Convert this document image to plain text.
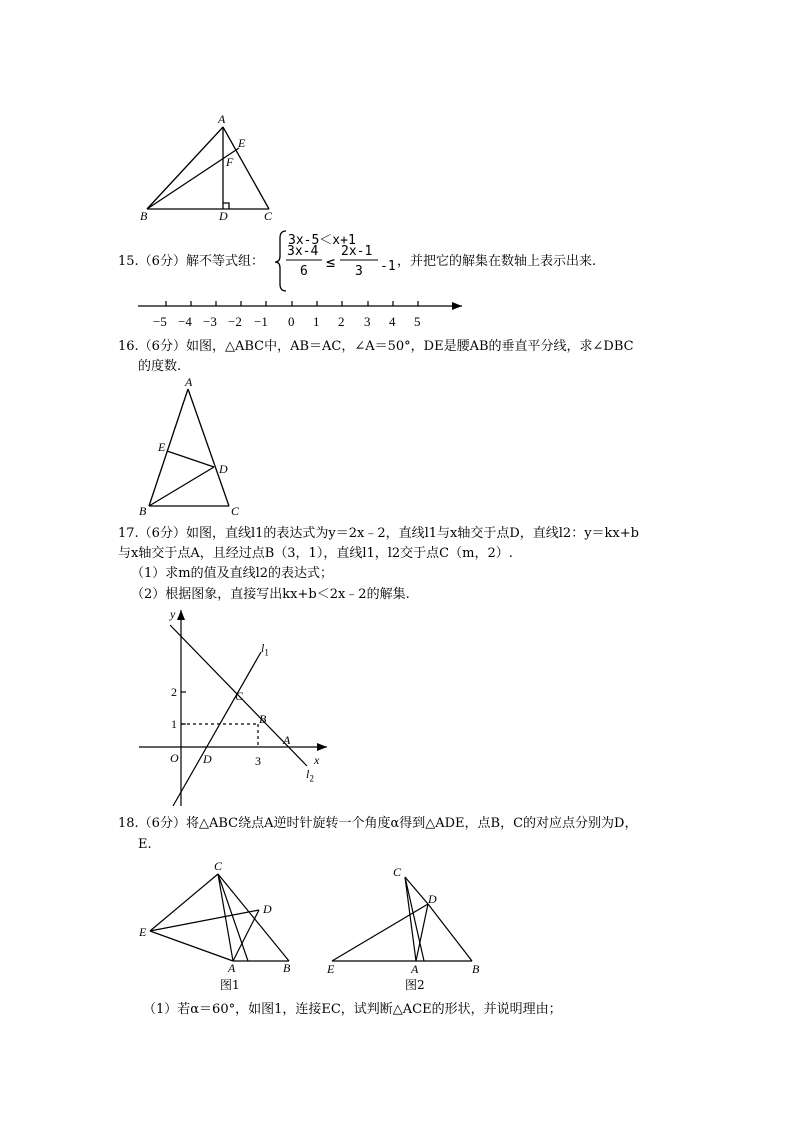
A
E
F
B	D	C
15.（6分）解不等式组：
3x-5＜x+1
3x-4
6
≤
2x-1
3 -1 ，并把它的解集在数轴上表示出来.
−5 −4 −3 −2 −1 0 1 2 3 4 5
16.（6分）如图，△ABC中，AB＝AC，∠A＝50°，DE是腰AB的垂直平分线，求∠DBC
的度数.
A
E
D
B	C
17.（6分）如图，直线l1的表达式为y＝2x﹣2，直线l1与x轴交于点D，直线l2：y＝kx+b
与x轴交于点A，且经过点B（3，1），直线l1，l2交于点C（m，2）.
（1）求m的值及直线l2的表达式；
（2）根据图象，直接写出kx+b＜2x﹣2的解集.
y
x
$l_1$
$l_2$
2
1
3
O D
A
B
C
18.（6分）将△ABC绕点A逆时针旋转一个角度α得到△ADE，点B，C的对应点分别为D，
E.
C
D
E
A	B
图1
C
D
E	A	B
图2
（1）若α＝60°，如图1，连接EC，试判断△ACE的形状，并说明理由；
